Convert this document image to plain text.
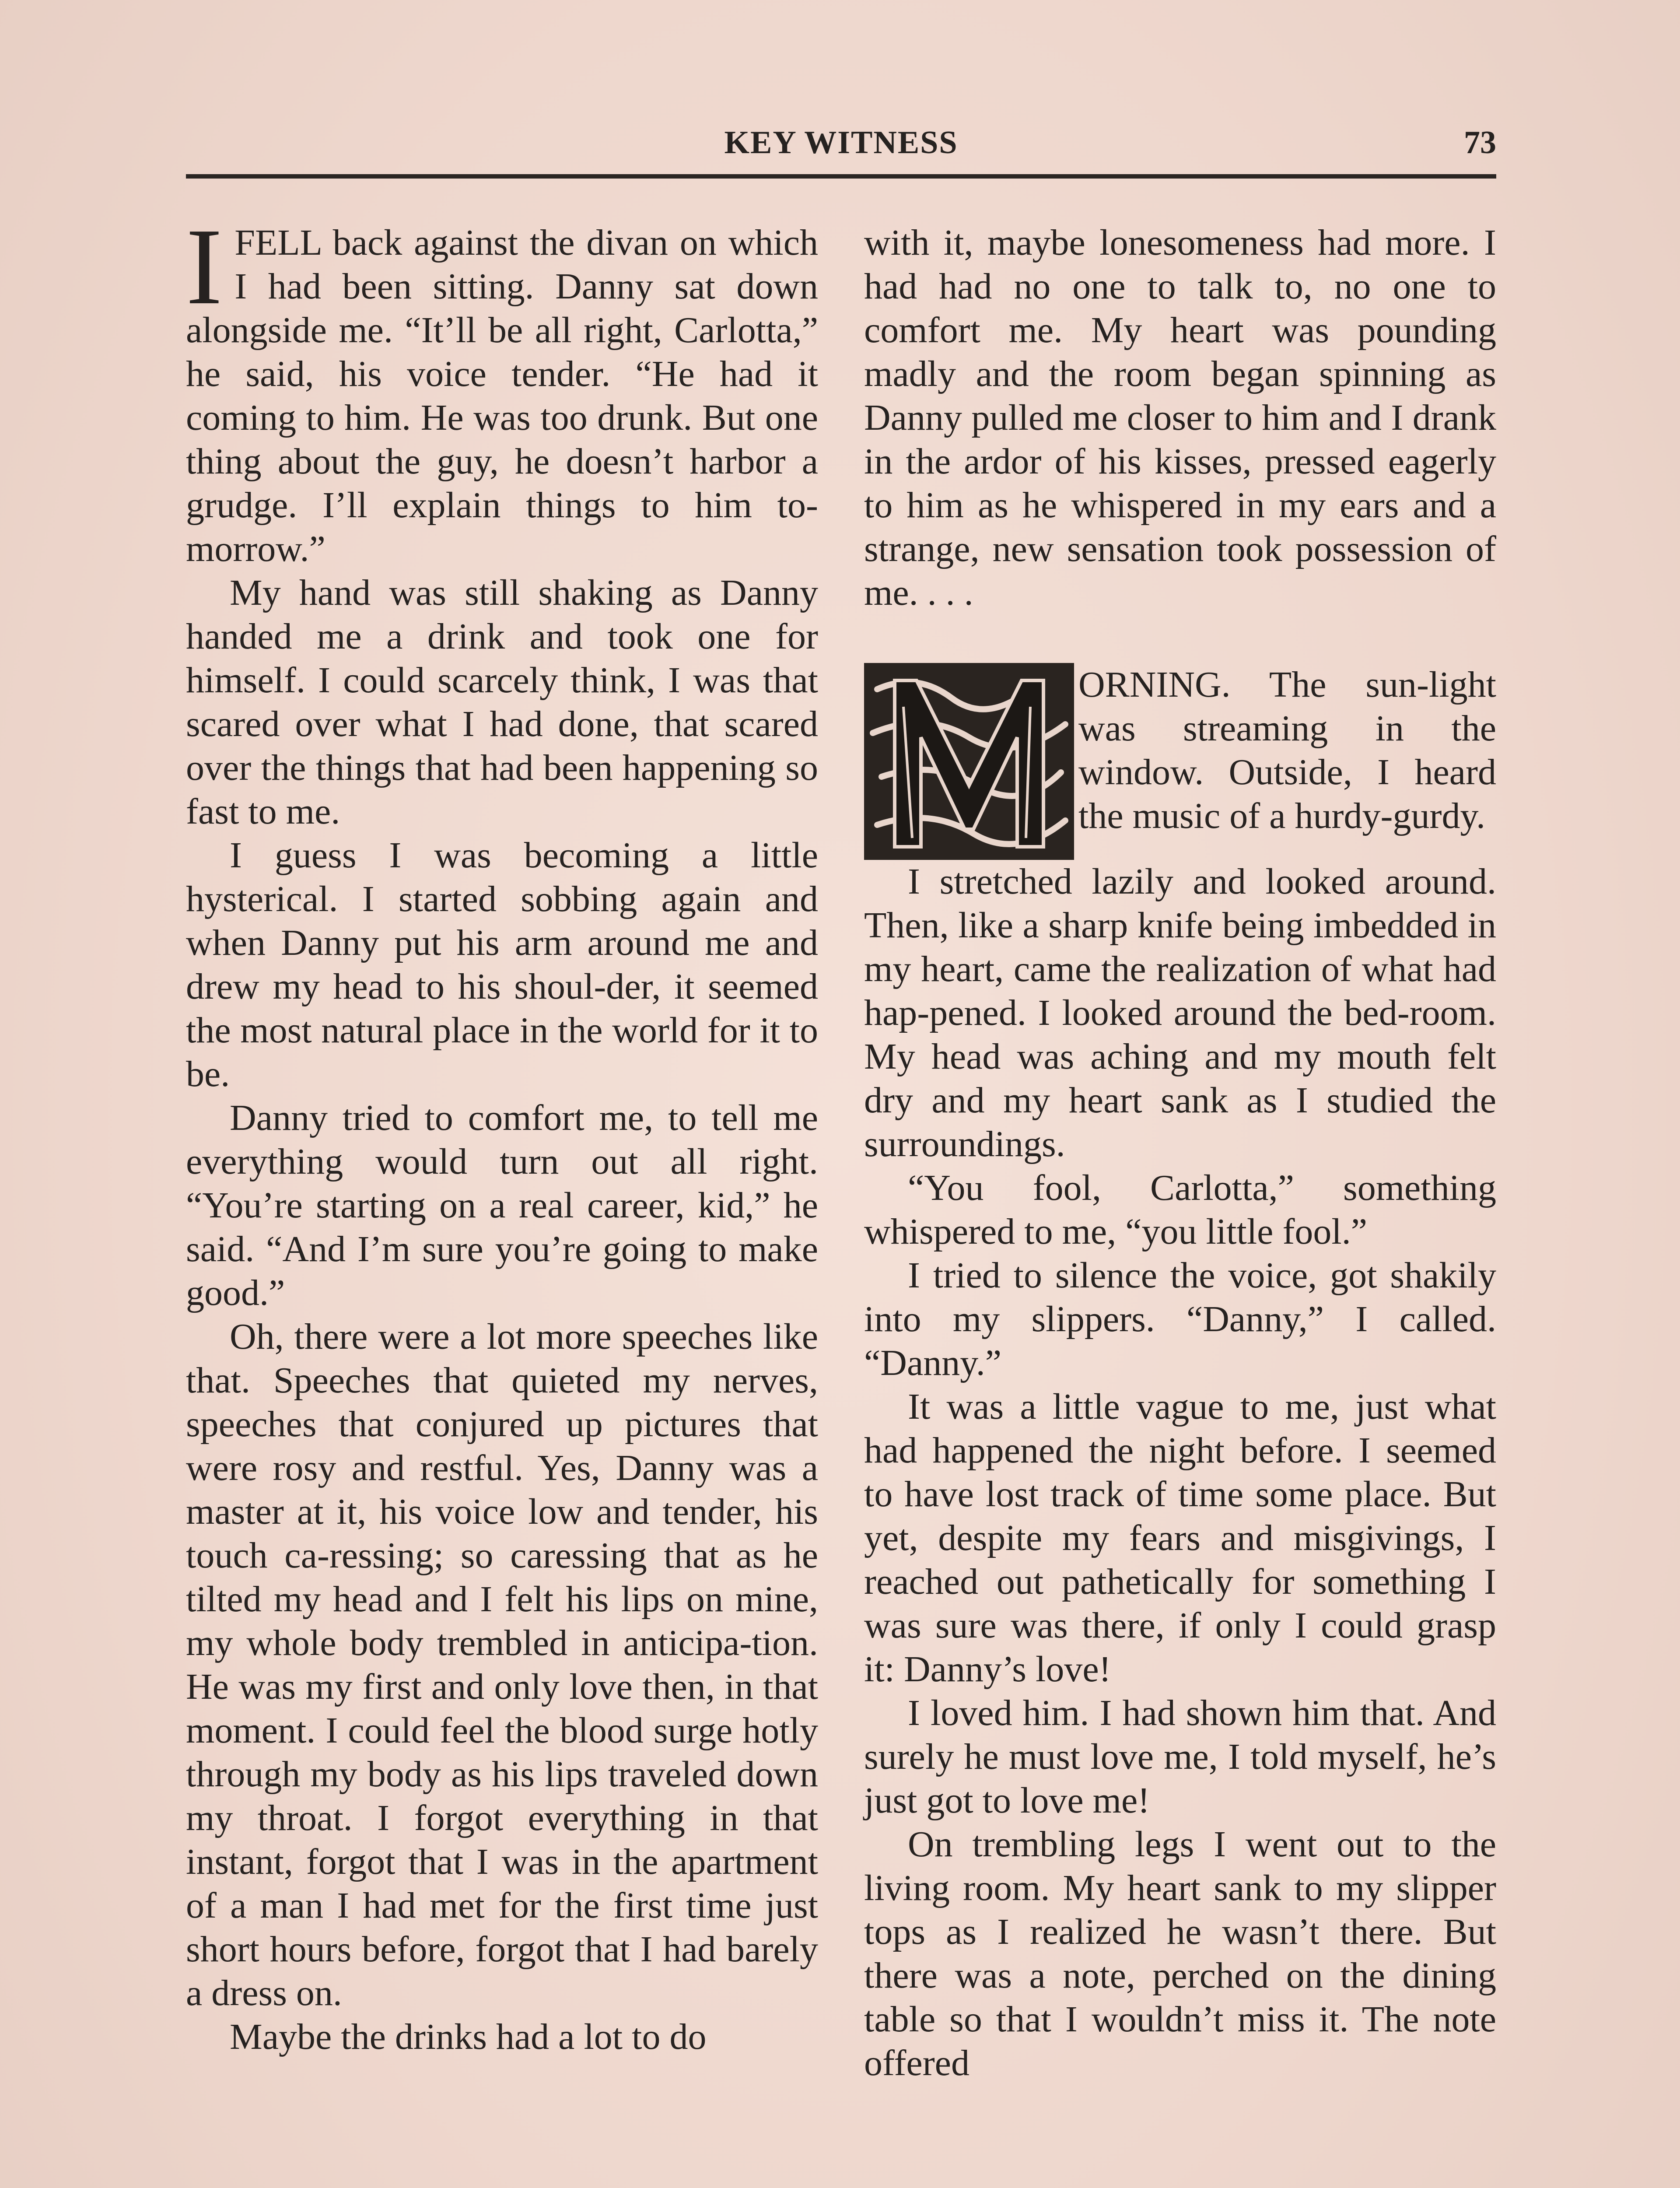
KEY WITNESS	73

IFELL back against the divan on which I had been sitting. Danny sat down alongside me. “It’ll be all right, Carlotta,” he said, his voice tender. “He had it coming to him. He was too drunk. But one thing about the guy, he doesn’t harbor a grudge. I’ll explain things to him to-morrow.”

My hand was still shaking as Danny handed me a drink and took one for himself. I could scarcely think, I was that scared over what I had done, that scared over the things that had been happening so fast to me.

I guess I was becoming a little hysterical. I started sobbing again and when Danny put his arm around me and drew my head to his shoul-der, it seemed the most natural place in the world for it to be.

Danny tried to comfort me, to tell me everything would turn out all right. “You’re starting on a real career, kid,” he said. “And I’m sure you’re going to make good.”

Oh, there were a lot more speeches like that. Speeches that quieted my nerves, speeches that conjured up pictures that were rosy and restful. Yes, Danny was a master at it, his voice low and tender, his touch ca-ressing; so caressing that as he tilted my head and I felt his lips on mine, my whole body trembled in anticipa-tion. He was my first and only love then, in that moment. I could feel the blood surge hotly through my body as his lips traveled down my throat. I forgot everything in that instant, forgot that I was in the apartment of a man I had met for the first time just short hours before, forgot that I had barely a dress on.

Maybe the drinks had a lot to do

with it, maybe lonesomeness had more. I had had no one to talk to, no one to comfort me. My heart was pounding madly and the room began spinning as Danny pulled me closer to him and I drank in the ardor of his kisses, pressed eagerly to him as he whispered in my ears and a strange, new sensation took possession of me. . . .

ORNING. The sun-light was streaming in the window. Outside, I heard the music of a hurdy-gurdy.

I stretched lazily and looked around. Then, like a sharp knife being imbedded in my heart, came the realization of what had hap-pened. I looked around the bed-room. My head was aching and my mouth felt dry and my heart sank as I studied the surroundings.

“You fool, Carlotta,” something whispered to me, “you little fool.”

I tried to silence the voice, got shakily into my slippers. “Danny,” I called. “Danny.”

It was a little vague to me, just what had happened the night before. I seemed to have lost track of time some place. But yet, despite my fears and misgivings, I reached out pathetically for something I was sure was there, if only I could grasp it: Danny’s love!

I loved him. I had shown him that. And surely he must love me, I told myself, he’s just got to love me!

On trembling legs I went out to the living room. My heart sank to my slipper tops as I realized he wasn’t there. But there was a note, perched on the dining table so that I wouldn’t miss it. The note offered
